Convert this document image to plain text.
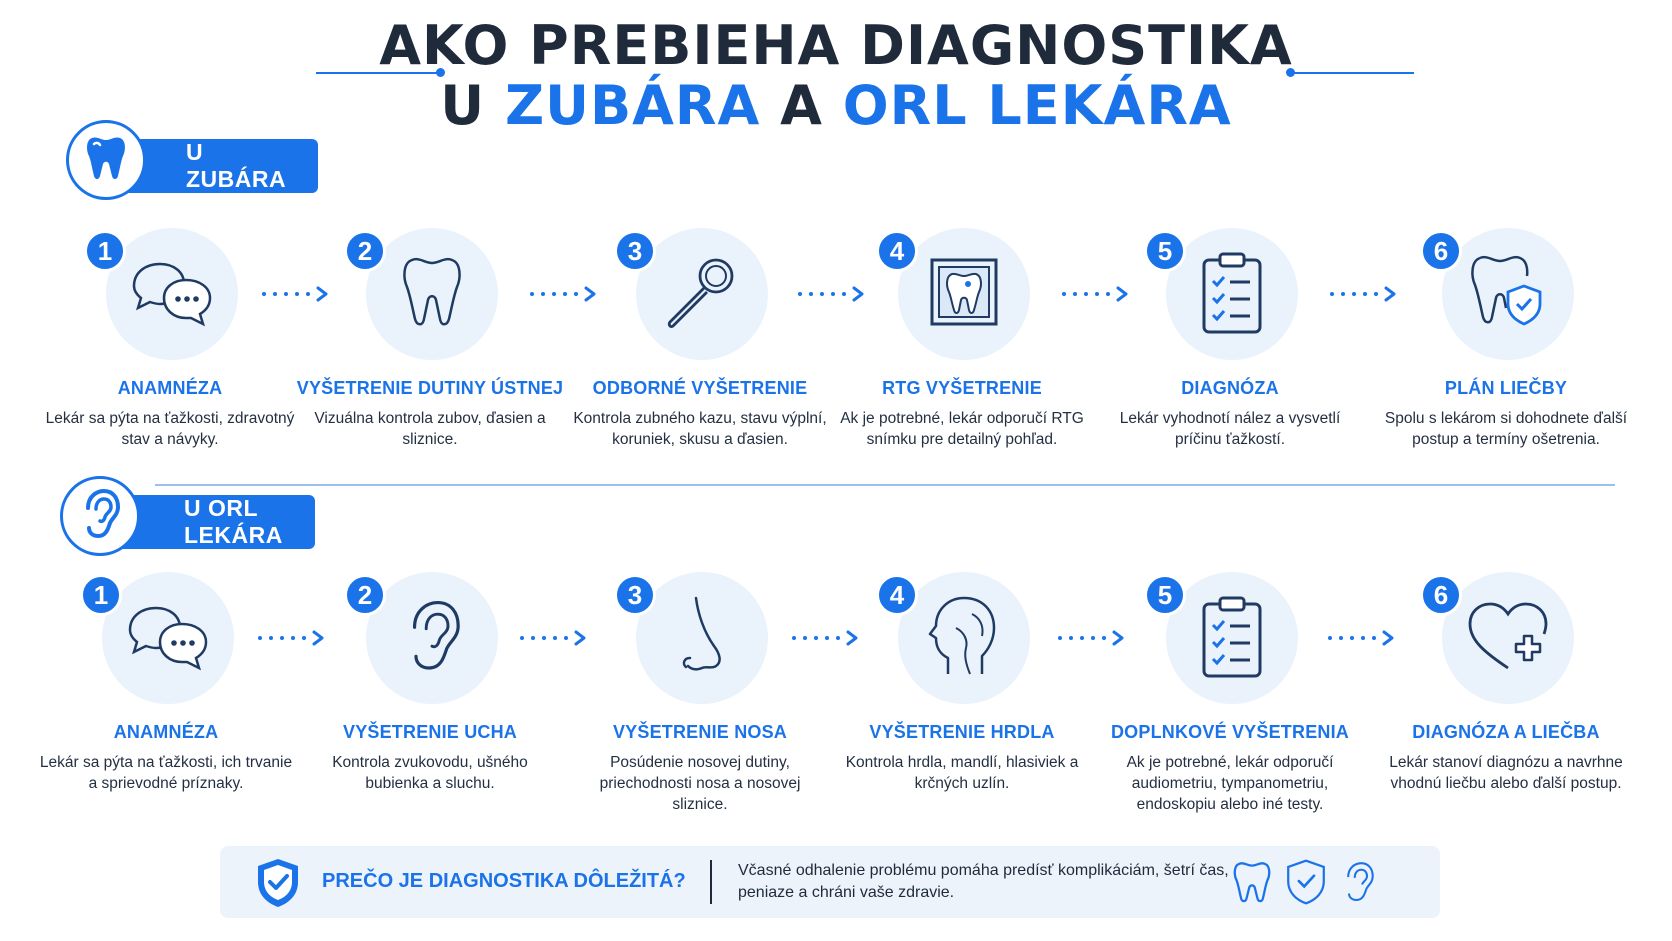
AKO PREBIEHA DIAGNOSTIKA
U ZUBÁRA A ORL LEKÁRA
U ZUBÁRA
1
ANAMNÉZA
Lekár sa pýta na ťažkosti, zdravotný stav a návyky.
2
VYŠETRENIE DUTINY ÚSTNEJ
Vizuálna kontrola zubov, ďasien a sliznice.
3
ODBORNÉ VYŠETRENIE
Kontrola zubného kazu, stavu výplní, koruniek, skusu a ďasien.
4
RTG VYŠETRENIE
Ak je potrebné, lekár odporučí RTG snímku pre detailný pohľad.
5
DIAGNÓZA
Lekár vyhodnotí nález a vysvetlí príčinu ťažkostí.
6
PLÁN LIEČBY
Spolu s lekárom si dohodnete ďalší postup a termíny ošetrenia.
U ORL LEKÁRA
1
ANAMNÉZA
Lekár sa pýta na ťažkosti, ich trvanie a sprievodné príznaky.
2
VYŠETRENIE UCHA
Kontrola zvukovodu, ušného bubienka a sluchu.
3
VYŠETRENIE NOSA
Posúdenie nosovej dutiny, priechodnosti nosa a nosovej sliznice.
4
VYŠETRENIE HRDLA
Kontrola hrdla, mandlí, hlasiviek a krčných uzlín.
5
DOPLNKOVÉ VYŠETRENIA
Ak je potrebné, lekár odporučí audiometriu, tympanometriu, endoskopiu alebo iné testy.
6
DIAGNÓZA A LIEČBA
Lekár stanoví diagnózu a navrhne vhodnú liečbu alebo ďalší postup.
PREČO JE DIAGNOSTIKA DÔLEŽITÁ?	Včasné odhalenie problému pomáha predísť komplikáciám, šetrí čas, peniaze a chráni vaše zdravie.
